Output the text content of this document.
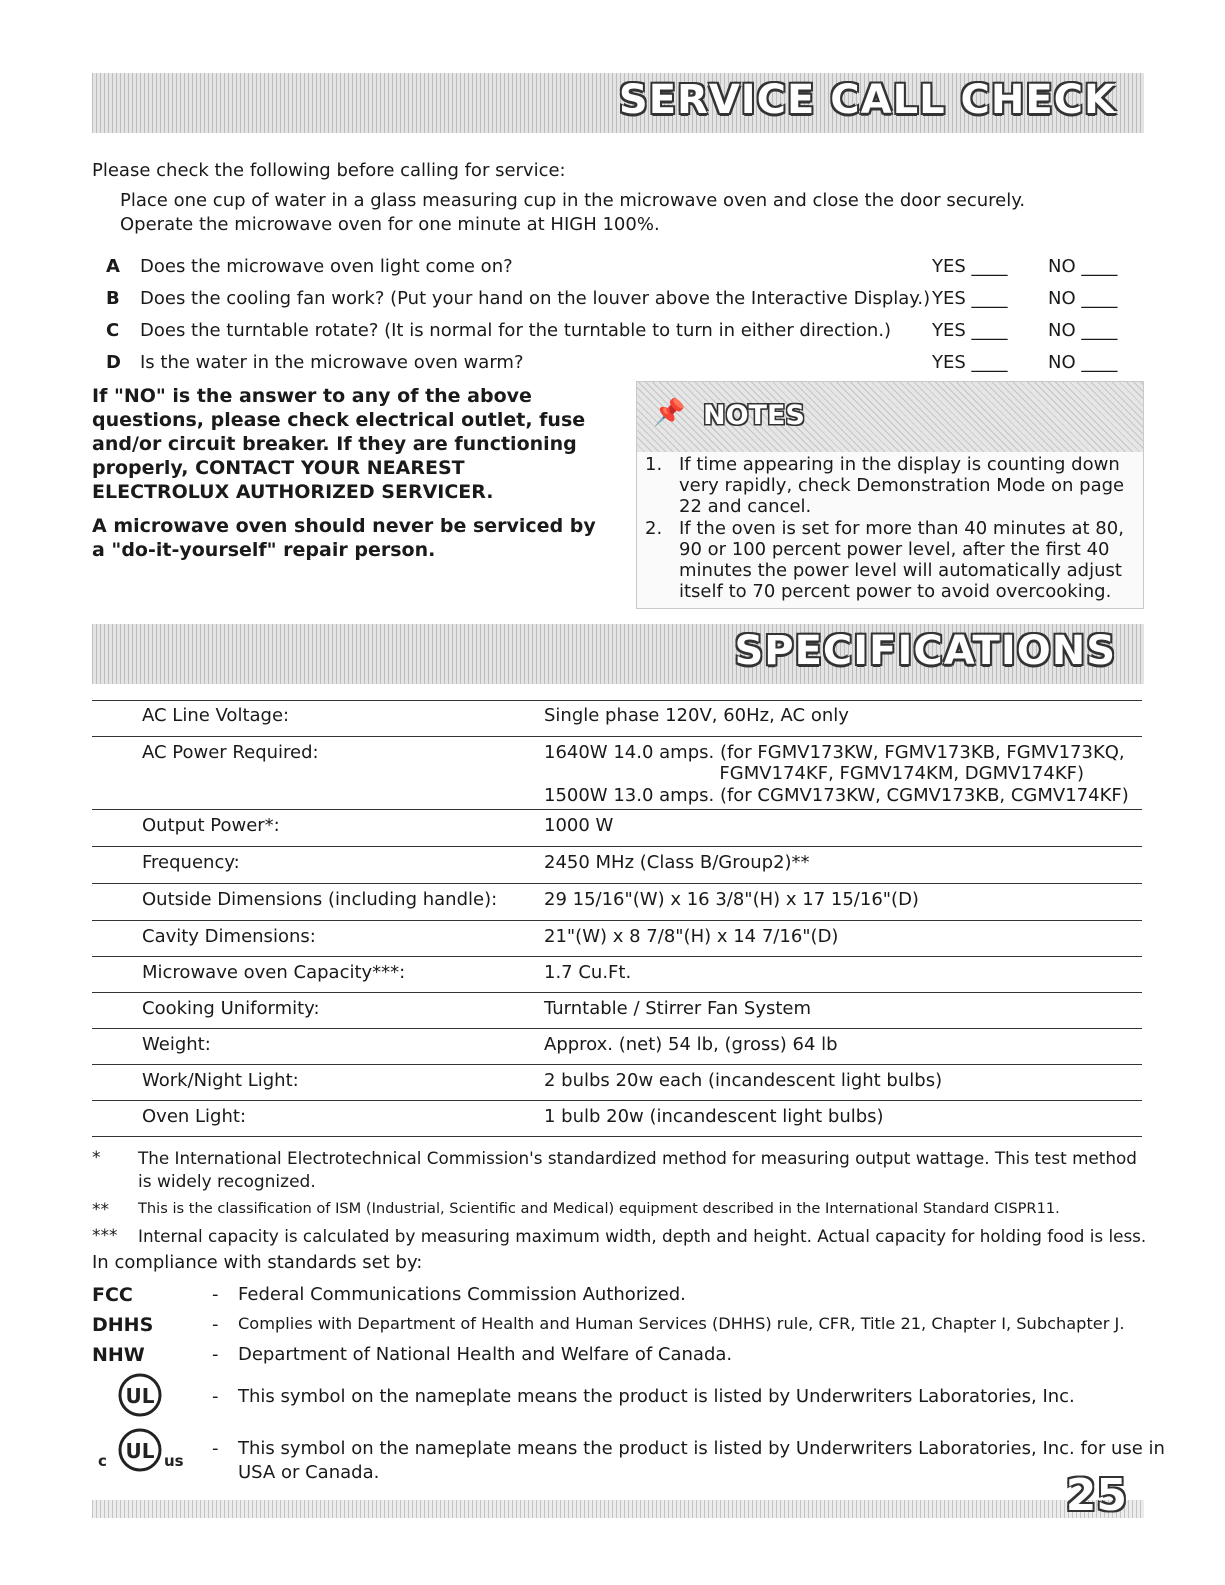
SERVICE CALL CHECK
Please check the following before calling for service:
Place one cup of water in a glass measuring cup in the microwave oven and close the door securely.
Operate the microwave oven for one minute at HIGH 100%.
A Does the microwave oven light come on?	YES ____ NO ____
B Does the cooling fan work? (Put your hand on the louver above the Interactive Display.) YES ____ NO ____
C Does the turntable rotate? (It is normal for the turntable to turn in either direction.) YES ____ NO ____
D Is the water in the microwave oven warm?	YES ____ NO ____

If "NO" is the answer to any of the above questions, please check electrical outlet, fuse and/or circuit breaker. If they are functioning properly, CONTACT YOUR NEAREST ELECTROLUX AUTHORIZED SERVICER.

A microwave oven should never be serviced by a "do-it-yourself" repair person.

📌 NOTES
1. If time appearing in the display is counting down very rapidly, check Demonstration Mode on page 22 and cancel.
2. If the oven is set for more than 40 minutes at 80, 90 or 100 percent power level, after the first 40 minutes the power level will automatically adjust itself to 70 percent power to avoid overcooking.
SPECIFICATIONS
AC Line Voltage:	Single phase 120V, 60Hz, AC only
AC Power Required:	1640W 14.0 amps. (for FGMV173KW, FGMV173KB, FGMV173KQ,
FGMV174KF, FGMV174KM, DGMV174KF)
1500W 13.0 amps. (for CGMV173KW, CGMV173KB, CGMV174KF)
Output Power*:	1000 W
Frequency:	2450 MHz (Class B/Group2)**
Outside Dimensions (including handle):	29 15/16"(W) x 16 3/8"(H) x 17 15/16"(D)
Cavity Dimensions:	21"(W) x 8 7/8"(H) x 14 7/16"(D)
Microwave oven Capacity***:	1.7 Cu.Ft.
Cooking Uniformity:	Turntable / Stirrer Fan System
Weight:	Approx. (net) 54 lb, (gross) 64 lb
Work/Night Light:	2 bulbs 20w each (incandescent light bulbs)
Oven Light:	1 bulb 20w (incandescent light bulbs)
* The International Electrotechnical Commission's standardized method for measuring output wattage. This test method
is widely recognized.
** This is the classification of ISM (Industrial, Scientific and Medical) equipment described in the International Standard CISPR11.
*** Internal capacity is calculated by measuring maximum width, depth and height. Actual capacity for holding food is less.
In compliance with standards set by:
FCC	- Federal Communications Commission Authorized.
DHHS	- Complies with Department of Health and Human Services (DHHS) rule, CFR, Title 21, Chapter I, Subchapter J.
NHW	- Department of National Health and Welfare of Canada.
UL	- This symbol on the nameplate means the product is listed by Underwriters Laboratories, Inc.
c UL us
- This symbol on the nameplate means the product is listed by Underwriters Laboratories, Inc. for use in
USA or Canada.	25
